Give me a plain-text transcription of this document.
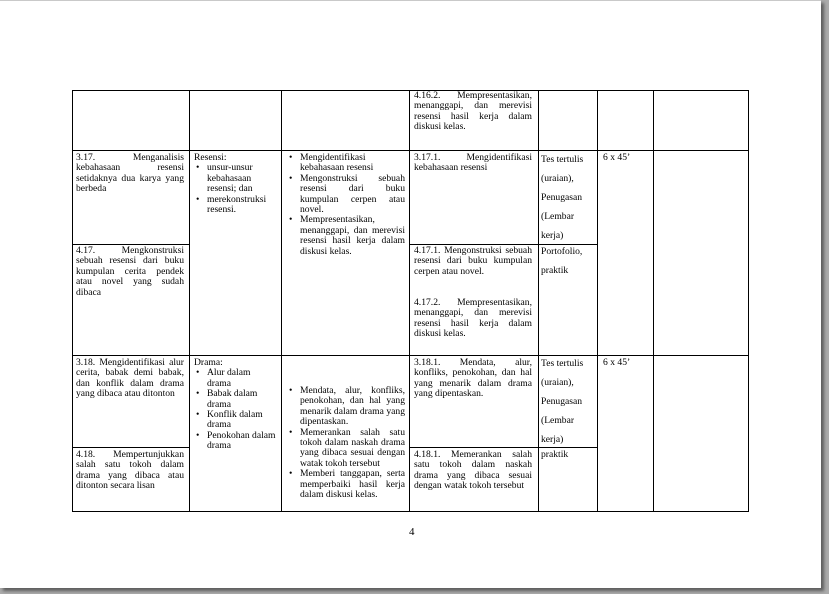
4.16.2. Mempresentasikan, menanggapi, dan merevisi resensi hasil kerja dalam diskusi kelas.
3.17. Menganalisis kebahasaan resensi setidaknya dua karya yang berbeda
Resensi:
• unsur-unsur kebahasaan resensi; dan
• merekonstruksi resensi.
• Mengidentifikasi kebahasaan resensi
• Mengonstruksi sebuah resensi dari buku kumpulan cerpen atau novel.
• Mempresentasikan, menanggapi, dan merevisi resensi hasil kerja dalam diskusi kelas.
3.17.1. Mengidentifikasi kebahasaan resensi
Tes tertulis (uraian), Penugasan (Lembar kerja)
6 x 45’
4.17. Mengkonstruksi sebuah resensi dari buku kumpulan cerita pendek atau novel yang sudah dibaca
4.17.1. Mengonstruksi sebuah resensi dari buku kumpulan cerpen atau novel.
4.17.2. Mempresentasikan, menanggapi, dan merevisi resensi hasil kerja dalam diskusi kelas.
Portofolio, praktik
3.18. Mengidentifikasi alur cerita, babak demi babak, dan konflik dalam drama yang dibaca atau ditonton
Drama:
• Alur dalam drama
• Babak dalam drama
• Konflik dalam drama
• Penokohan dalam drama
• Mendata, alur, konfliks, penokohan, dan hal yang menarik dalam drama yang dipentaskan.
• Memerankan salah satu tokoh dalam naskah drama yang dibaca sesuai dengan watak tokoh tersebut
• Memberi tanggapan, serta memperbaiki hasil kerja dalam diskusi kelas.
3.18.1. Mendata, alur, konfliks, penokohan, dan hal yang menarik dalam drama yang dipentaskan.
Tes tertulis (uraian), Penugasan (Lembar kerja)
6 x 45’
4.18. Mempertunjukkan salah satu tokoh dalam drama yang dibaca atau ditonton secara lisan
4.18.1. Memerankan salah satu tokoh dalam naskah drama yang dibaca sesuai dengan watak tokoh tersebut
praktik
4
